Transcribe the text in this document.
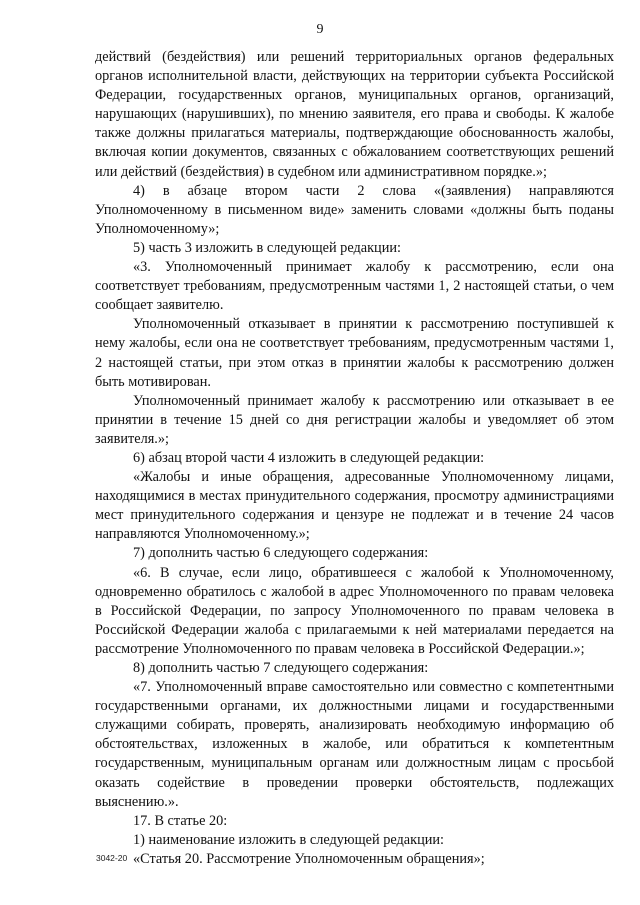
9

действий (бездействия) или решений территориальных органов федеральных органов исполнительной власти, действующих на территории субъекта Российской Федерации, государственных органов, муниципальных органов, организаций, нарушающих (нарушивших), по мнению заявителя, его права и свободы. К жалобе также должны прилагаться материалы, подтверждающие обоснованность жалобы, включая копии документов, связанных с обжалованием соответствующих решений или действий (бездействия) в судебном или административном порядке.»;

4) в абзаце втором части 2 слова «(заявления) направляются Уполномоченному в письменном виде» заменить словами «должны быть поданы Уполномоченному»;

5) часть 3 изложить в следующей редакции:

«3. Уполномоченный принимает жалобу к рассмотрению, если она соответствует требованиям, предусмотренным частями 1, 2 настоящей статьи, о чем сообщает заявителю.

Уполномоченный отказывает в принятии к рассмотрению поступившей к нему жалобы, если она не соответствует требованиям, предусмотренным частями 1, 2 настоящей статьи, при этом отказ в принятии жалобы к рассмотрению должен быть мотивирован.

Уполномоченный принимает жалобу к рассмотрению или отказывает в ее принятии в течение 15 дней со дня регистрации жалобы и уведомляет об этом заявителя.»;

6) абзац второй части 4 изложить в следующей редакции:

«Жалобы и иные обращения, адресованные Уполномоченному лицами, находящимися в местах принудительного содержания, просмотру администрациями мест принудительного содержания и цензуре не подлежат и в течение 24 часов направляются Уполномоченному.»;

7) дополнить частью 6 следующего содержания:

«6. В случае, если лицо, обратившееся с жалобой к Уполномоченному, одновременно обратилось с жалобой в адрес Уполномоченного по правам человека в Российской Федерации, по запросу Уполномоченного по правам человека в Российской Федерации жалоба с прилагаемыми к ней материалами передается на рассмотрение Уполномоченного по правам человека в Российской Федерации.»;

8) дополнить частью 7 следующего содержания:

«7. Уполномоченный вправе самостоятельно или совместно с компетентными государственными органами, их должностными лицами и государственными служащими собирать, проверять, анализировать необходимую информацию об обстоятельствах, изложенных в жалобе, или обратиться к компетентным государственным, муниципальным органам или должностным лицам с просьбой оказать содействие в проведении проверки обстоятельств, подлежащих выяснению.».

17. В статье 20:

1) наименование изложить в следующей редакции:

«Статья 20. Рассмотрение Уполномоченным обращения»;

3042-20
